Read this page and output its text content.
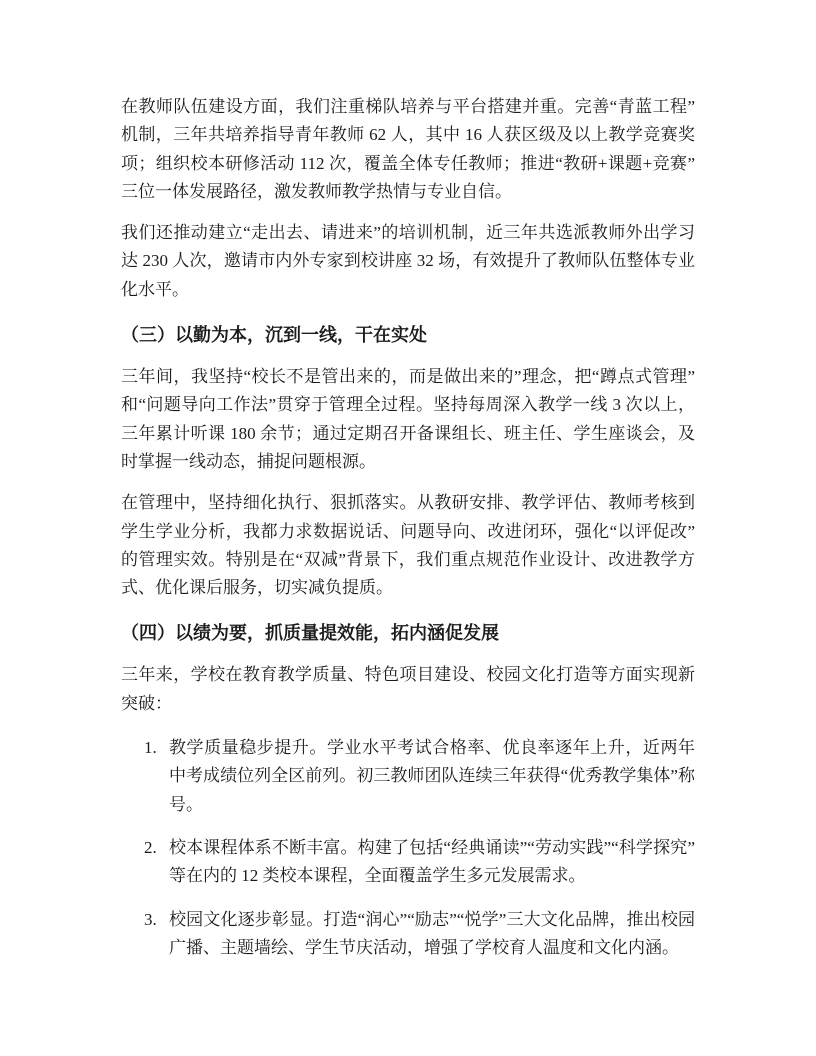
在教师队伍建设方面，我们注重梯队培养与平台搭建并重。完善“青蓝工程”机制，三年共培养指导青年教师 62 人，其中 16 人获区级及以上教学竞赛奖项；组织校本研修活动 112 次，覆盖全体专任教师；推进“教研+课题+竞赛”三位一体发展路径，激发教师教学热情与专业自信。

我们还推动建立“走出去、请进来”的培训机制，近三年共选派教师外出学习达 230 人次，邀请市内外专家到校讲座 32 场，有效提升了教师队伍整体专业化水平。

（三）以勤为本，沉到一线，干在实处

三年间，我坚持“校长不是管出来的，而是做出来的”理念，把“蹲点式管理”和“问题导向工作法”贯穿于管理全过程。坚持每周深入教学一线 3 次以上，三年累计听课 180 余节；通过定期召开备课组长、班主任、学生座谈会，及时掌握一线动态，捕捉问题根源。

在管理中，坚持细化执行、狠抓落实。从教研安排、教学评估、教师考核到学生学业分析，我都力求数据说话、问题导向、改进闭环，强化“以评促改”的管理实效。特别是在“双减”背景下，我们重点规范作业设计、改进教学方式、优化课后服务，切实减负提质。

（四）以绩为要，抓质量提效能，拓内涵促发展

三年来，学校在教育教学质量、特色项目建设、校园文化打造等方面实现新突破：

1. 教学质量稳步提升。学业水平考试合格率、优良率逐年上升，近两年中考成绩位列全区前列。初三教师团队连续三年获得“优秀教学集体”称号。
2. 校本课程体系不断丰富。构建了包括“经典诵读”“劳动实践”“科学探究”等在内的 12 类校本课程，全面覆盖学生多元发展需求。
3. 校园文化逐步彰显。打造“润心”“励志”“悦学”三大文化品牌，推出校园广播、主题墙绘、学生节庆活动，增强了学校育人温度和文化内涵。
